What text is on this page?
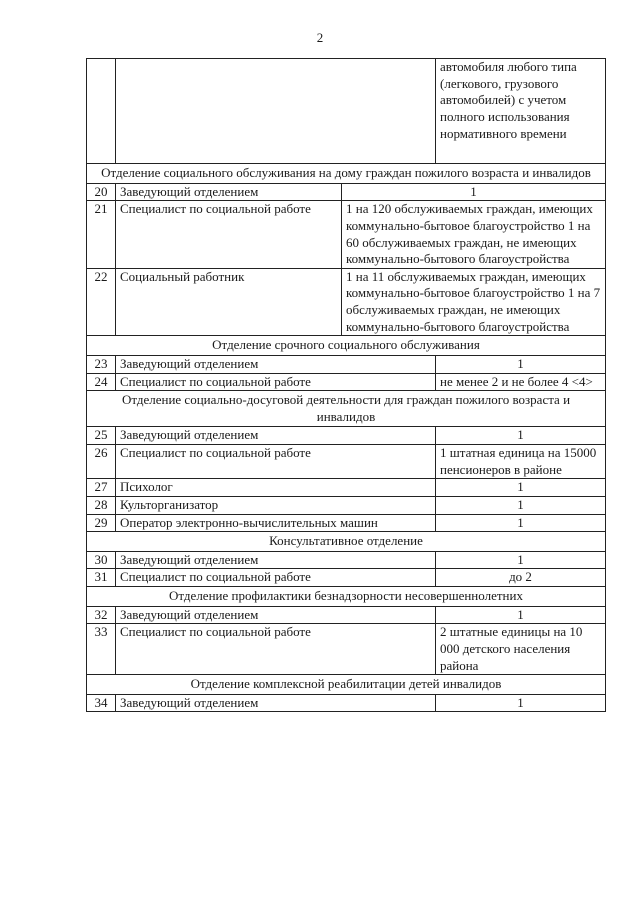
2
			автомобиля любого типа (легкового, грузового автомобилей) с учетом полного использования нормативного времени
Отделение социального обслуживания на дому граждан пожилого возраста и инвалидов			
20	Заведующий отделением	1	
21	Специалист по социальной работе	1 на 120 обслуживаемых граждан, имеющих коммунально-бытовое благоустройство 1 на 60 обслуживаемых граждан, не имеющих коммунально-бытового благоустройства	
22	Социальный работник	1 на 11 обслуживаемых граждан, имеющих коммунально-бытовое благоустройство 1 на 7 обслуживаемых граждан, не имеющих коммунально-бытового благоустройства	
Отделение срочного социального обслуживания			
23	Заведующий отделением		1
24	Специалист по социальной работе		не менее 2 и не более 4 <4>
Отделение социально-досуговой деятельности для граждан пожилого возраста и инвалидов			
25	Заведующий отделением		1
26	Специалист по социальной работе		1 штатная единица на 15000 пенсионеров в районе
27	Психолог		1
28	Культорганизатор		1
29	Оператор электронно-вычислительных машин		1
Консультативное отделение			
30	Заведующий отделением		1
31	Специалист по социальной работе		до 2
Отделение профилактики безнадзорности несовершеннолетних			
32	Заведующий отделением		1
33	Специалист по социальной работе		2 штатные единицы на 10 000 детского населения района
Отделение комплексной реабилитации детей инвалидов			
34	Заведующий отделением		1
